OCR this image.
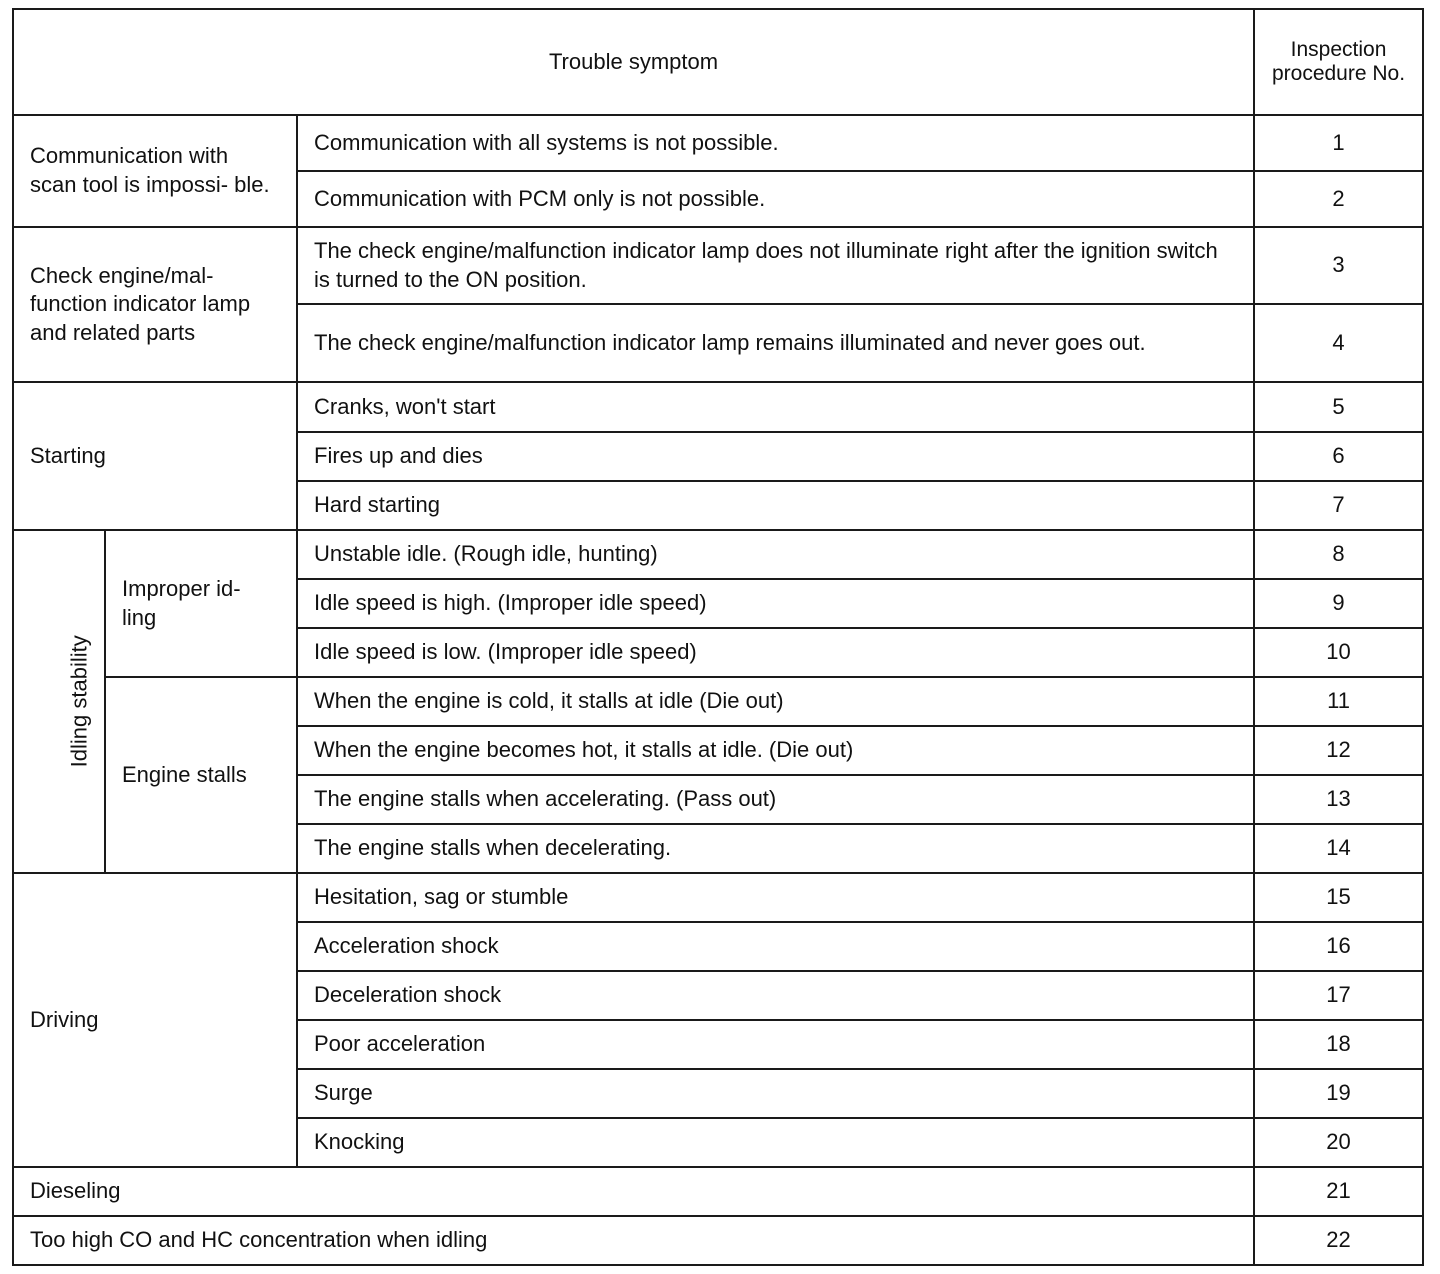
Trouble symptom			Inspection procedure No.
Communication with scan tool is impossi- ble.		Communication with all systems is not possible.	1
		Communication with PCM only is not possible.	2
Check engine/mal- function indicator lamp and related parts		The check engine/malfunction indicator lamp does not illuminate right after the ignition switch is turned to the ON position.	3
		The check engine/malfunction indicator lamp remains illuminated and never goes out.	4
Starting		Cranks, won't start	5
		Fires up and dies	6
		Hard starting	7
Idling stability	Improper id- ling	Unstable idle. (Rough idle, hunting)	8
		Idle speed is high. (Improper idle speed)	9
		Idle speed is low. (Improper idle speed)	10
	Engine stalls	When the engine is cold, it stalls at idle (Die out)	11
		When the engine becomes hot, it stalls at idle. (Die out)	12
		The engine stalls when accelerating. (Pass out)	13
		The engine stalls when decelerating.	14
Driving		Hesitation, sag or stumble	15
		Acceleration shock	16
		Deceleration shock	17
		Poor acceleration	18
		Surge	19
		Knocking	20
Dieseling			21
Too high CO and HC concentration when idling			22
